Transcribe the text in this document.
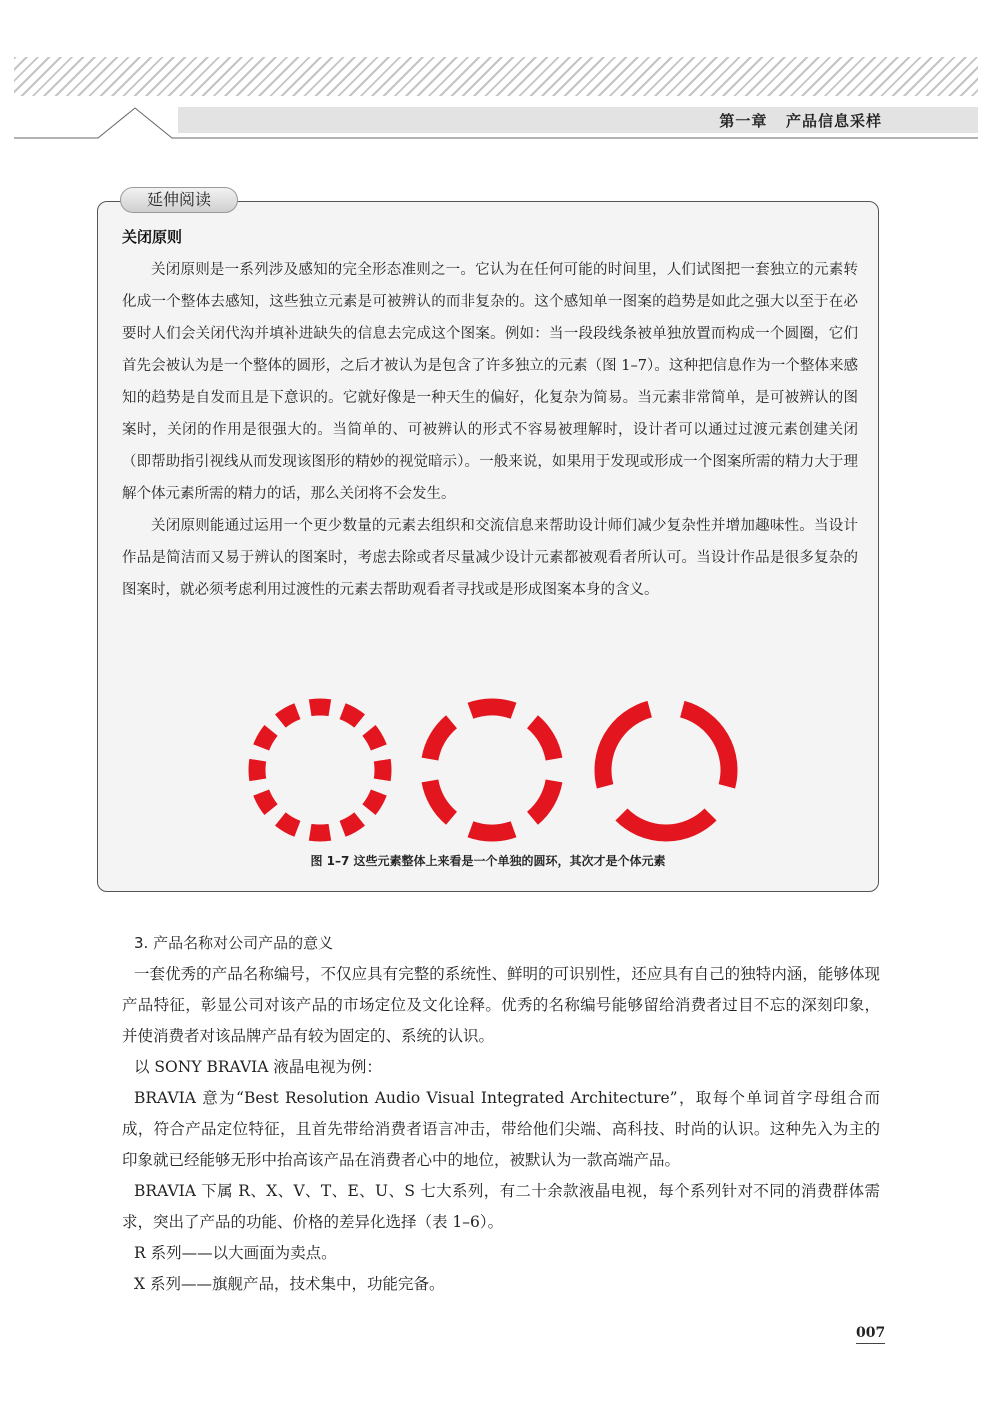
第一章   产品信息采样
延伸阅读
关闭原则

关闭原则是一系列涉及感知的完全形态准则之一。它认为在任何可能的时间里，人们试图把一套独立的元素转化成一个整体去感知，这些独立元素是可被辨认的而非复杂的。这个感知单一图案的趋势是如此之强大以至于在必要时人们会关闭代沟并填补进缺失的信息去完成这个图案。例如：当一段段线条被单独放置而构成一个圆圈，它们首先会被认为是一个整体的圆形，之后才被认为是包含了许多独立的元素（图 1–7）。这种把信息作为一个整体来感知的趋势是自发而且是下意识的。它就好像是一种天生的偏好，化复杂为简易。当元素非常简单，是可被辨认的图案时，关闭的作用是很强大的。当简单的、可被辨认的形式不容易被理解时，设计者可以通过过渡元素创建关闭（即帮助指引视线从而发现该图形的精妙的视觉暗示）。一般来说，如果用于发现或形成一个图案所需的精力大于理解个体元素所需的精力的话，那么关闭将不会发生。

关闭原则能通过运用一个更少数量的元素去组织和交流信息来帮助设计师们减少复杂性并增加趣味性。当设计作品是简洁而又易于辨认的图案时，考虑去除或者尽量减少设计元素都被观看者所认可。当设计作品是很多复杂的图案时，就必须考虑利用过渡性的元素去帮助观看者寻找或是形成图案本身的含义。

图 1–7 这些元素整体上来看是一个单独的圆环，其次才是个体元素
3. 产品名称对公司产品的意义

一套优秀的产品名称编号，不仅应具有完整的系统性、鲜明的可识别性，还应具有自己的独特内涵，能够体现产品特征，彰显公司对该产品的市场定位及文化诠释。优秀的名称编号能够留给消费者过目不忘的深刻印象，并使消费者对该品牌产品有较为固定的、系统的认识。

以 SONY BRAVIA 液晶电视为例：

BRAVIA 意为“Best Resolution Audio Visual Integrated Architecture”，取每个单词首字母组合而成，符合产品定位特征，且首先带给消费者语言冲击，带给他们尖端、高科技、时尚的认识。这种先入为主的印象就已经能够无形中抬高该产品在消费者心中的地位，被默认为一款高端产品。

BRAVIA 下属 R、X、V、T、E、U、S 七大系列，有二十余款液晶电视，每个系列针对不同的消费群体需求，突出了产品的功能、价格的差异化选择（表 1–6）。

R 系列——以大画面为卖点。

X 系列——旗舰产品，技术集中，功能完备。

007
